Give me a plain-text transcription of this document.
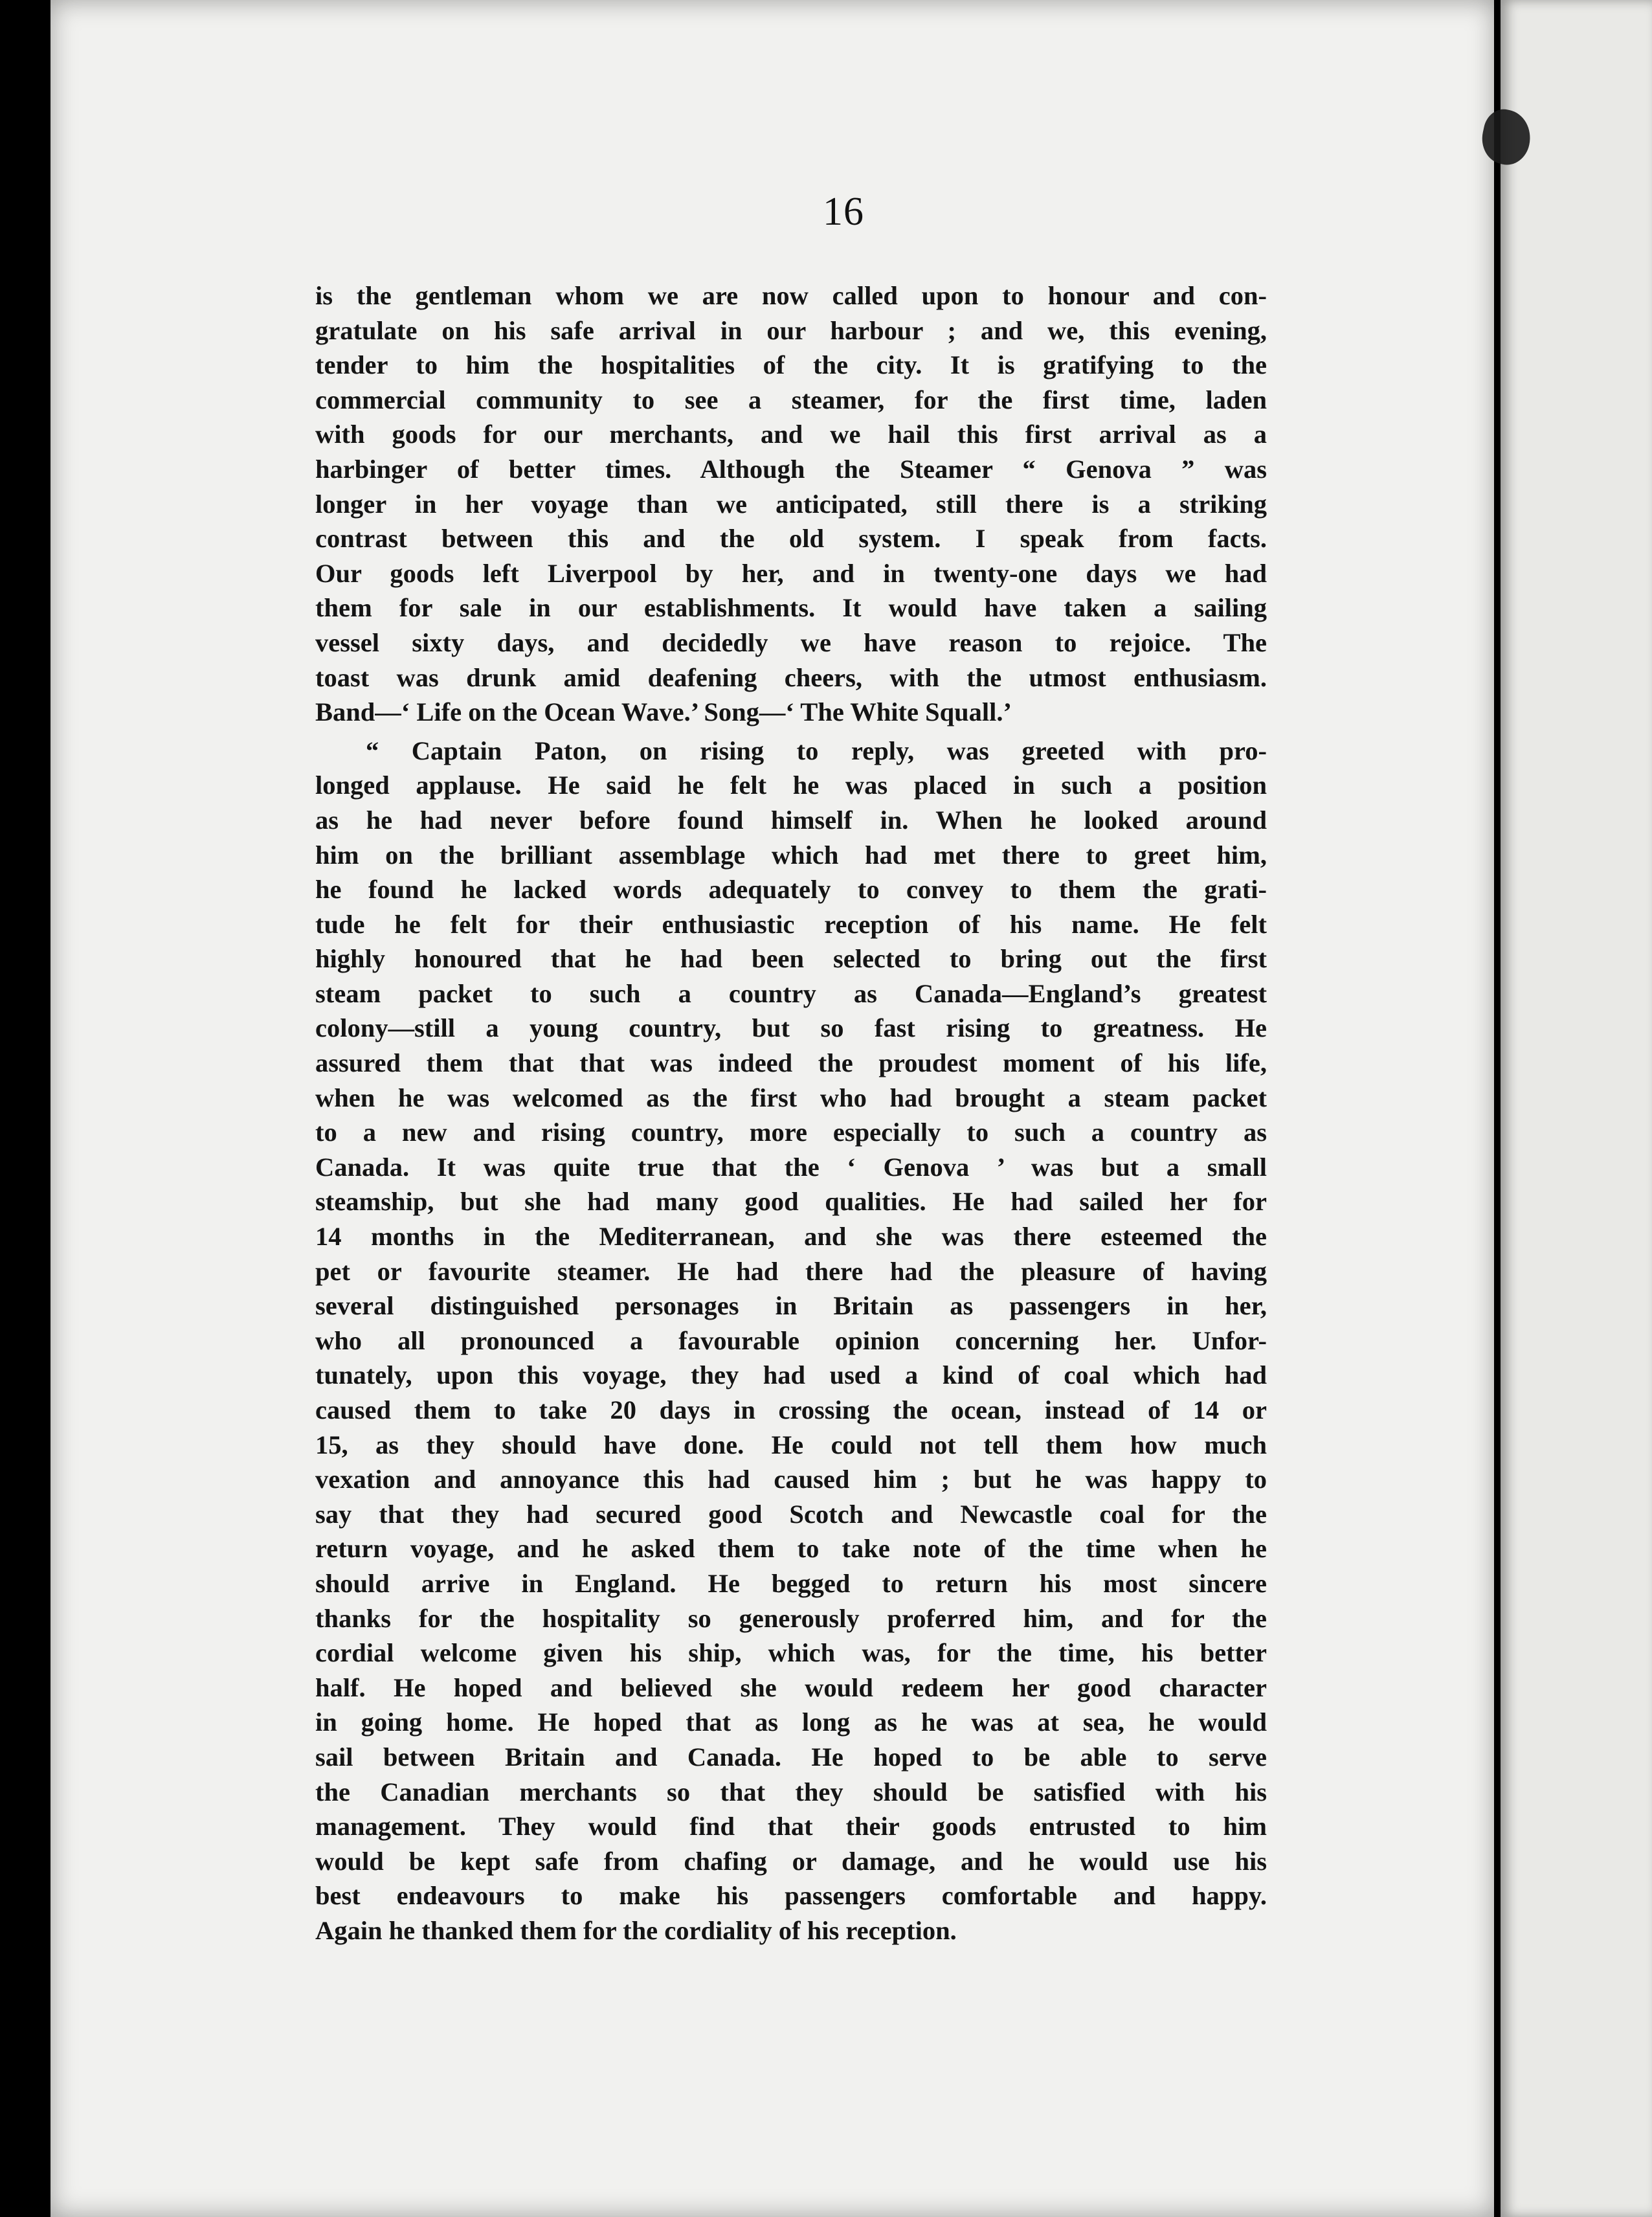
16
is the gentleman whom we are now called upon to honour and con-
gratulate on his safe arrival in our harbour ; and we, this evening,
tender to him the hospitalities of the city. It is gratifying to the
commercial community to see a steamer, for the first time, laden
with goods for our merchants, and we hail this first arrival as a
harbinger of better times. Although the Steamer “ Genova ” was
longer in her voyage than we anticipated, still there is a striking
contrast between this and the old system. I speak from facts.
Our goods left Liverpool by her, and in twenty-one days we had
them for sale in our establishments. It would have taken a sailing
vessel sixty days, and decidedly we have reason to rejoice. The
toast was drunk amid deafening cheers, with the utmost enthusiasm.
Band—‘ Life on the Ocean Wave.’ Song—‘ The White Squall.’
“ Captain Paton, on rising to reply, was greeted with pro-
longed applause. He said he felt he was placed in such a position
as he had never before found himself in. When he looked around
him on the brilliant assemblage which had met there to greet him,
he found he lacked words adequately to convey to them the grati-
tude he felt for their enthusiastic reception of his name. He felt
highly honoured that he had been selected to bring out the first
steam packet to such a country as Canada—England’s greatest
colony—still a young country, but so fast rising to greatness. He
assured them that that was indeed the proudest moment of his life,
when he was welcomed as the first who had brought a steam packet
to a new and rising country, more especially to such a country as
Canada. It was quite true that the ‘ Genova ’ was but a small
steamship, but she had many good qualities. He had sailed her for
14 months in the Mediterranean, and she was there esteemed the
pet or favourite steamer. He had there had the pleasure of having
several distinguished personages in Britain as passengers in her,
who all pronounced a favourable opinion concerning her. Unfor-
tunately, upon this voyage, they had used a kind of coal which had
caused them to take 20 days in crossing the ocean, instead of 14 or
15, as they should have done. He could not tell them how much
vexation and annoyance this had caused him ; but he was happy to
say that they had secured good Scotch and Newcastle coal for the
return voyage, and he asked them to take note of the time when he
should arrive in England. He begged to return his most sincere
thanks for the hospitality so generously proferred him, and for the
cordial welcome given his ship, which was, for the time, his better
half. He hoped and believed she would redeem her good character
in going home. He hoped that as long as he was at sea, he would
sail between Britain and Canada. He hoped to be able to serve
the Canadian merchants so that they should be satisfied with his
management. They would find that their goods entrusted to him
would be kept safe from chafing or damage, and he would use his
best endeavours to make his passengers comfortable and happy.
Again he thanked them for the cordiality of his reception.
